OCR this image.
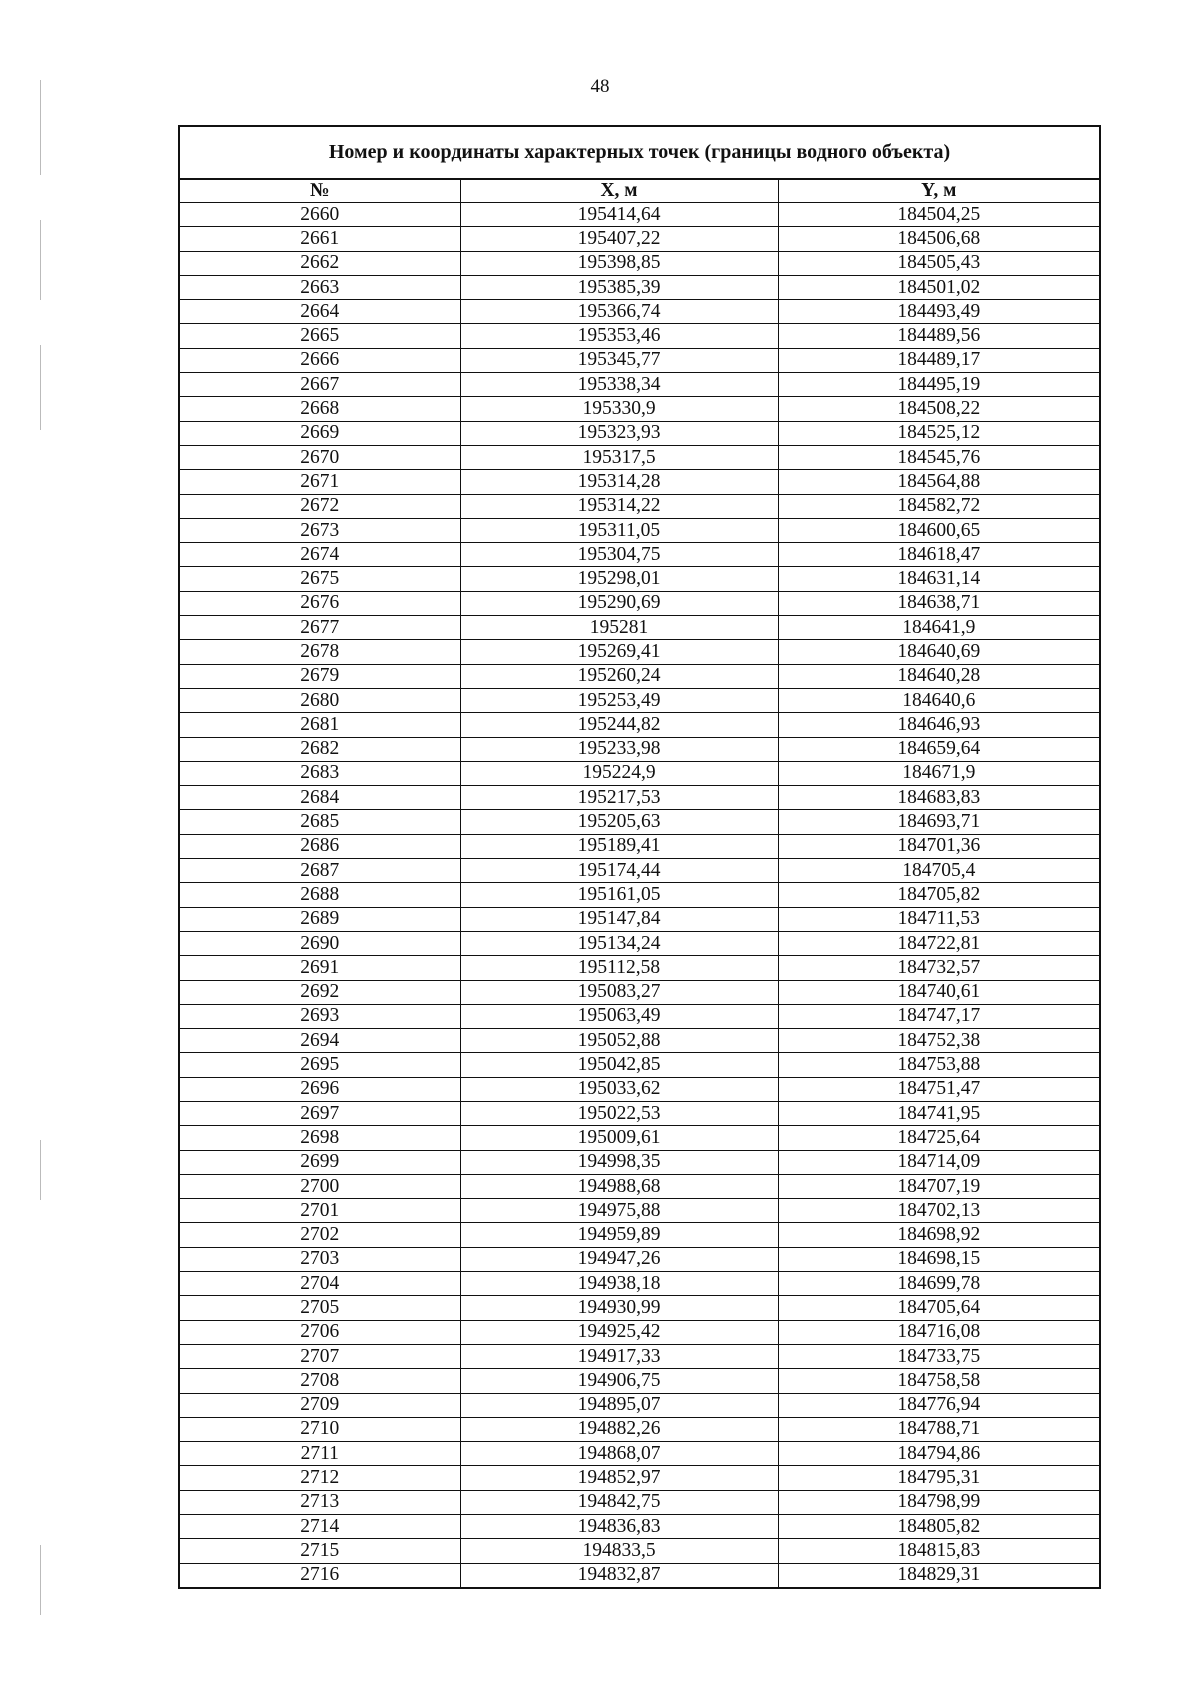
48
Номер и координаты характерных точек (границы водного объекта)
№	X, м	Y, м
2660	195414,64	184504,25
2661	195407,22	184506,68
2662	195398,85	184505,43
2663	195385,39	184501,02
2664	195366,74	184493,49
2665	195353,46	184489,56
2666	195345,77	184489,17
2667	195338,34	184495,19
2668	195330,9	184508,22
2669	195323,93	184525,12
2670	195317,5	184545,76
2671	195314,28	184564,88
2672	195314,22	184582,72
2673	195311,05	184600,65
2674	195304,75	184618,47
2675	195298,01	184631,14
2676	195290,69	184638,71
2677	195281	184641,9
2678	195269,41	184640,69
2679	195260,24	184640,28
2680	195253,49	184640,6
2681	195244,82	184646,93
2682	195233,98	184659,64
2683	195224,9	184671,9
2684	195217,53	184683,83
2685	195205,63	184693,71
2686	195189,41	184701,36
2687	195174,44	184705,4
2688	195161,05	184705,82
2689	195147,84	184711,53
2690	195134,24	184722,81
2691	195112,58	184732,57
2692	195083,27	184740,61
2693	195063,49	184747,17
2694	195052,88	184752,38
2695	195042,85	184753,88
2696	195033,62	184751,47
2697	195022,53	184741,95
2698	195009,61	184725,64
2699	194998,35	184714,09
2700	194988,68	184707,19
2701	194975,88	184702,13
2702	194959,89	184698,92
2703	194947,26	184698,15
2704	194938,18	184699,78
2705	194930,99	184705,64
2706	194925,42	184716,08
2707	194917,33	184733,75
2708	194906,75	184758,58
2709	194895,07	184776,94
2710	194882,26	184788,71
2711	194868,07	184794,86
2712	194852,97	184795,31
2713	194842,75	184798,99
2714	194836,83	184805,82
2715	194833,5	184815,83
2716	194832,87	184829,31
